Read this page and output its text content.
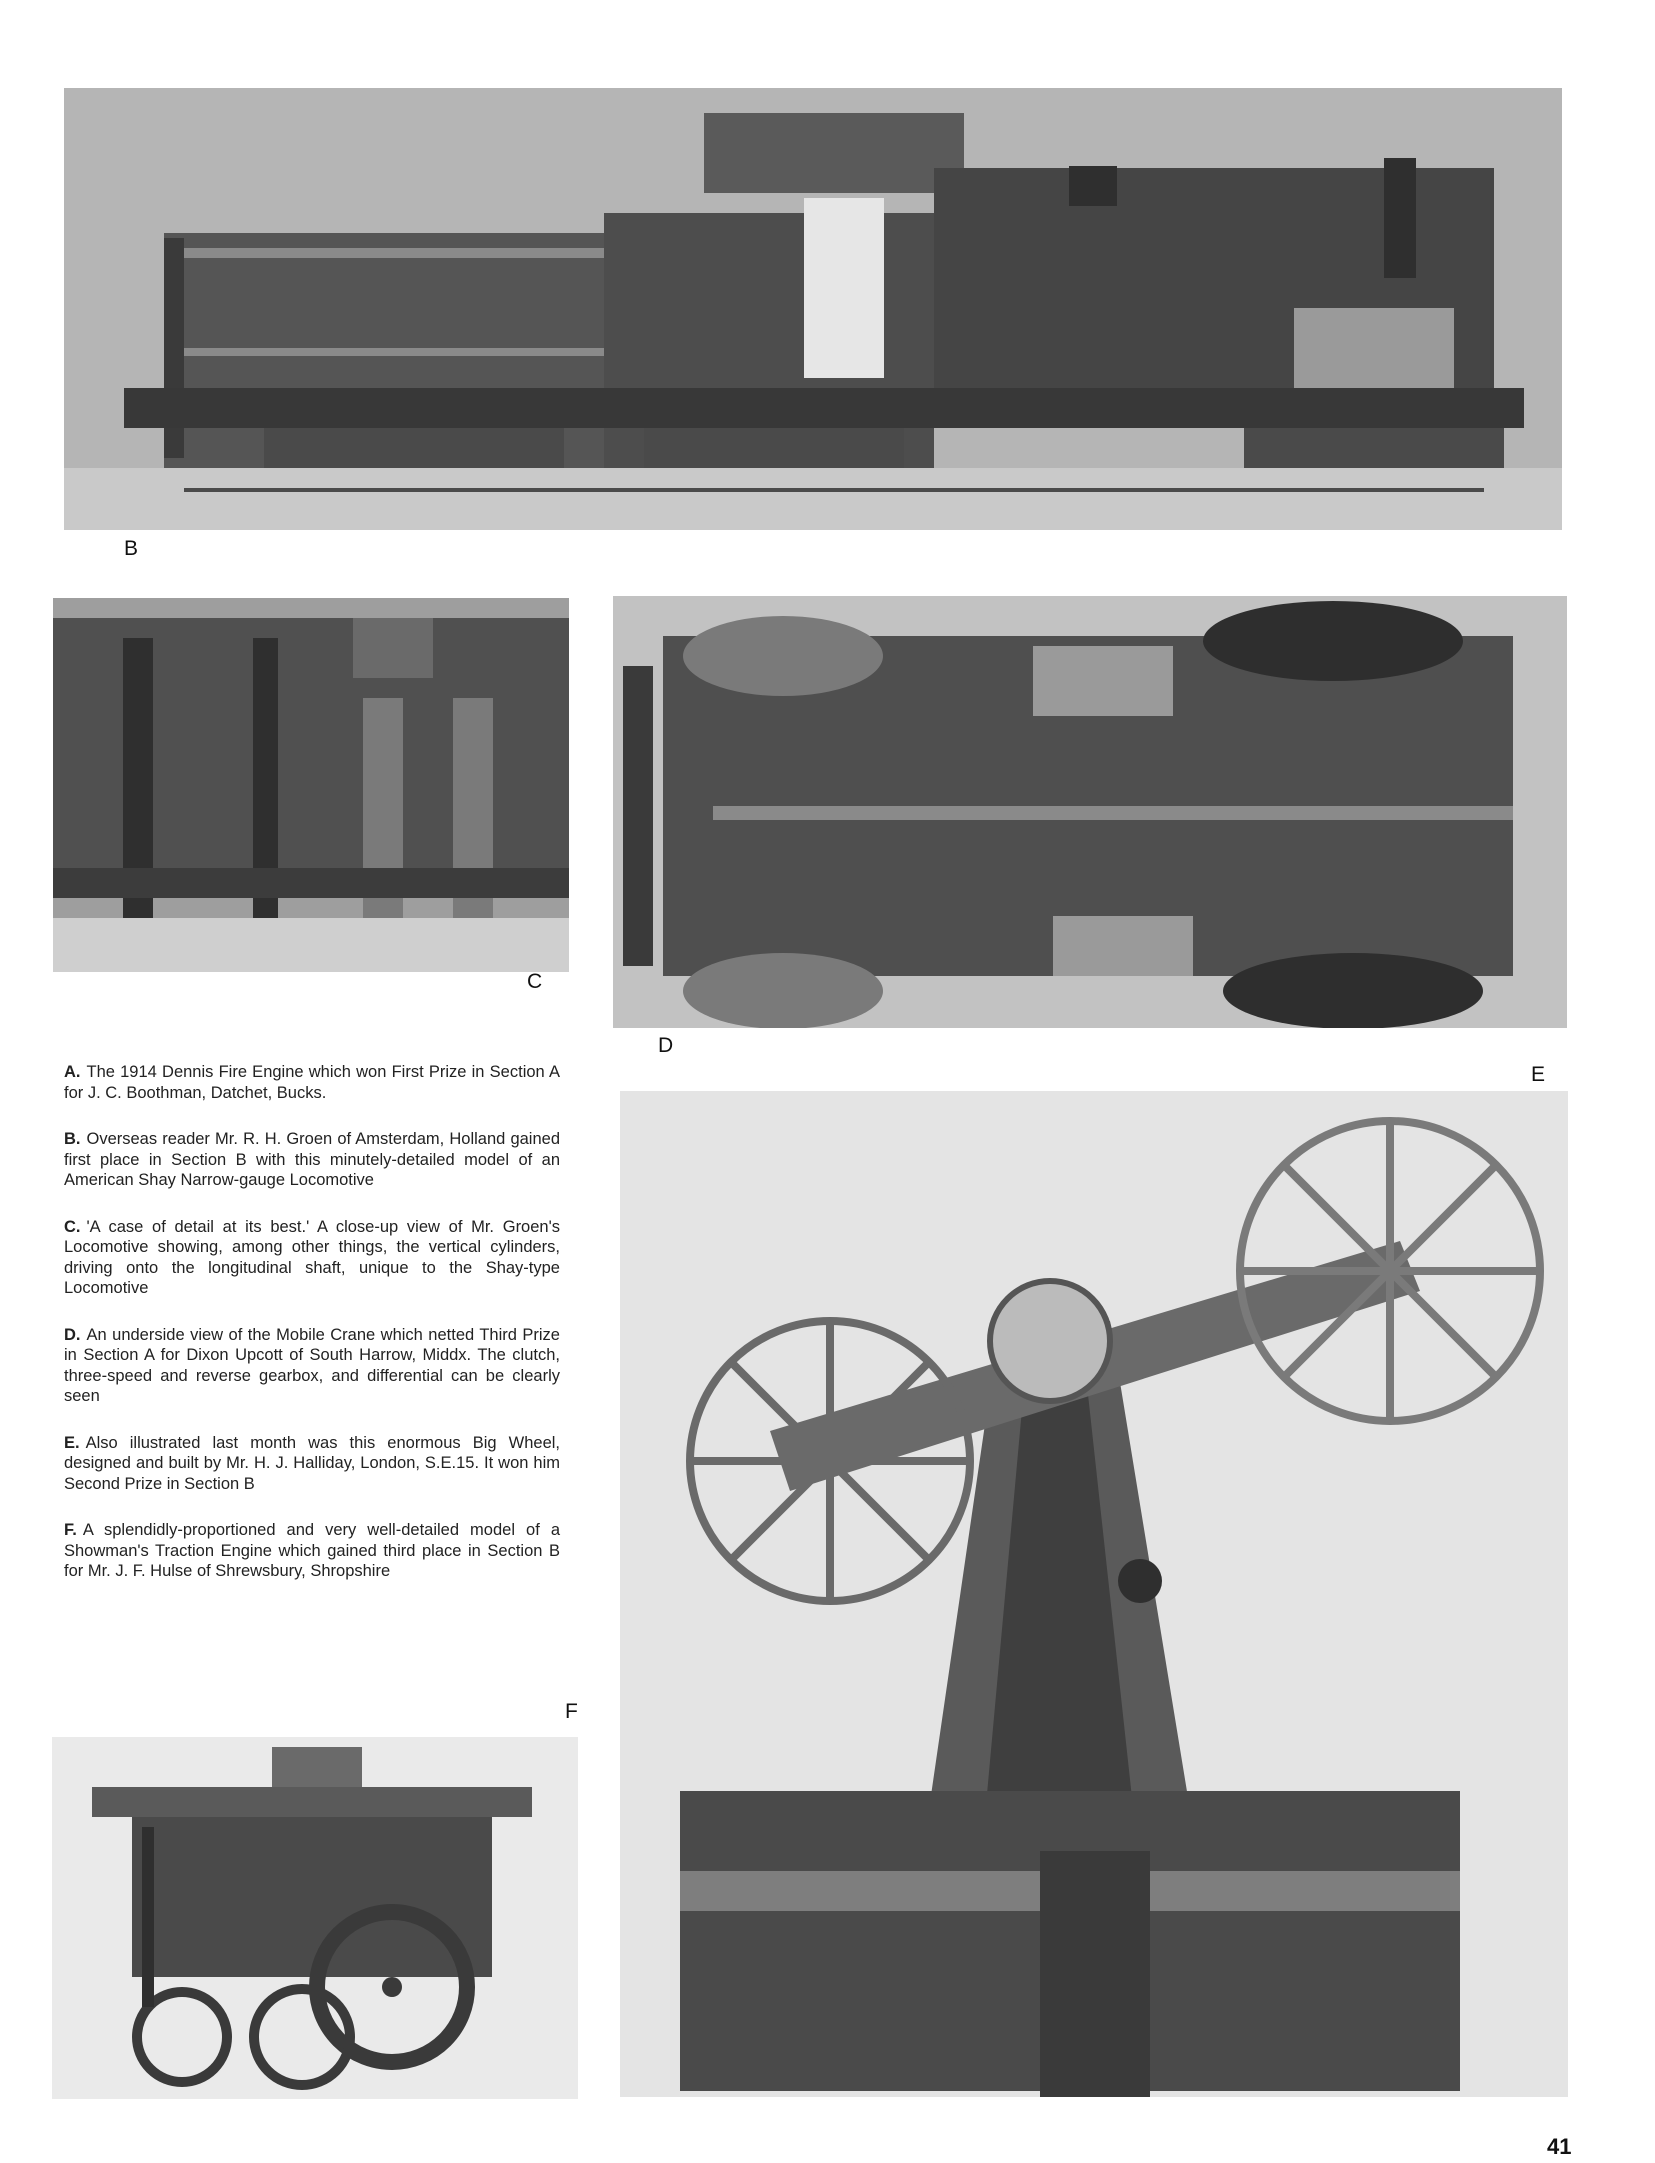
B
C
D
E

A. The 1914 Dennis Fire Engine which won First Prize in Section A for J. C. Boothman, Datchet, Bucks.

B. Overseas reader Mr. R. H. Groen of Amsterdam, Holland gained first place in Section B with this minutely-detailed model of an American Shay Narrow-gauge Locomotive

C. 'A case of detail at its best.' A close-up view of Mr. Groen's Locomotive showing, among other things, the vertical cylinders, driving onto the longitudinal shaft, unique to the Shay-type Locomotive

D. An underside view of the Mobile Crane which netted Third Prize in Section A for Dixon Upcott of South Harrow, Middx. The clutch, three-speed and reverse gearbox, and differential can be clearly seen

E. Also illustrated last month was this enormous Big Wheel, designed and built by Mr. H. J. Halliday, London, S.E.15. It won him Second Prize in Section B

F. A splendidly-proportioned and very well-detailed model of a Showman's Traction Engine which gained third place in Section B for Mr. J. F. Hulse of Shrewsbury, Shropshire

F
41
